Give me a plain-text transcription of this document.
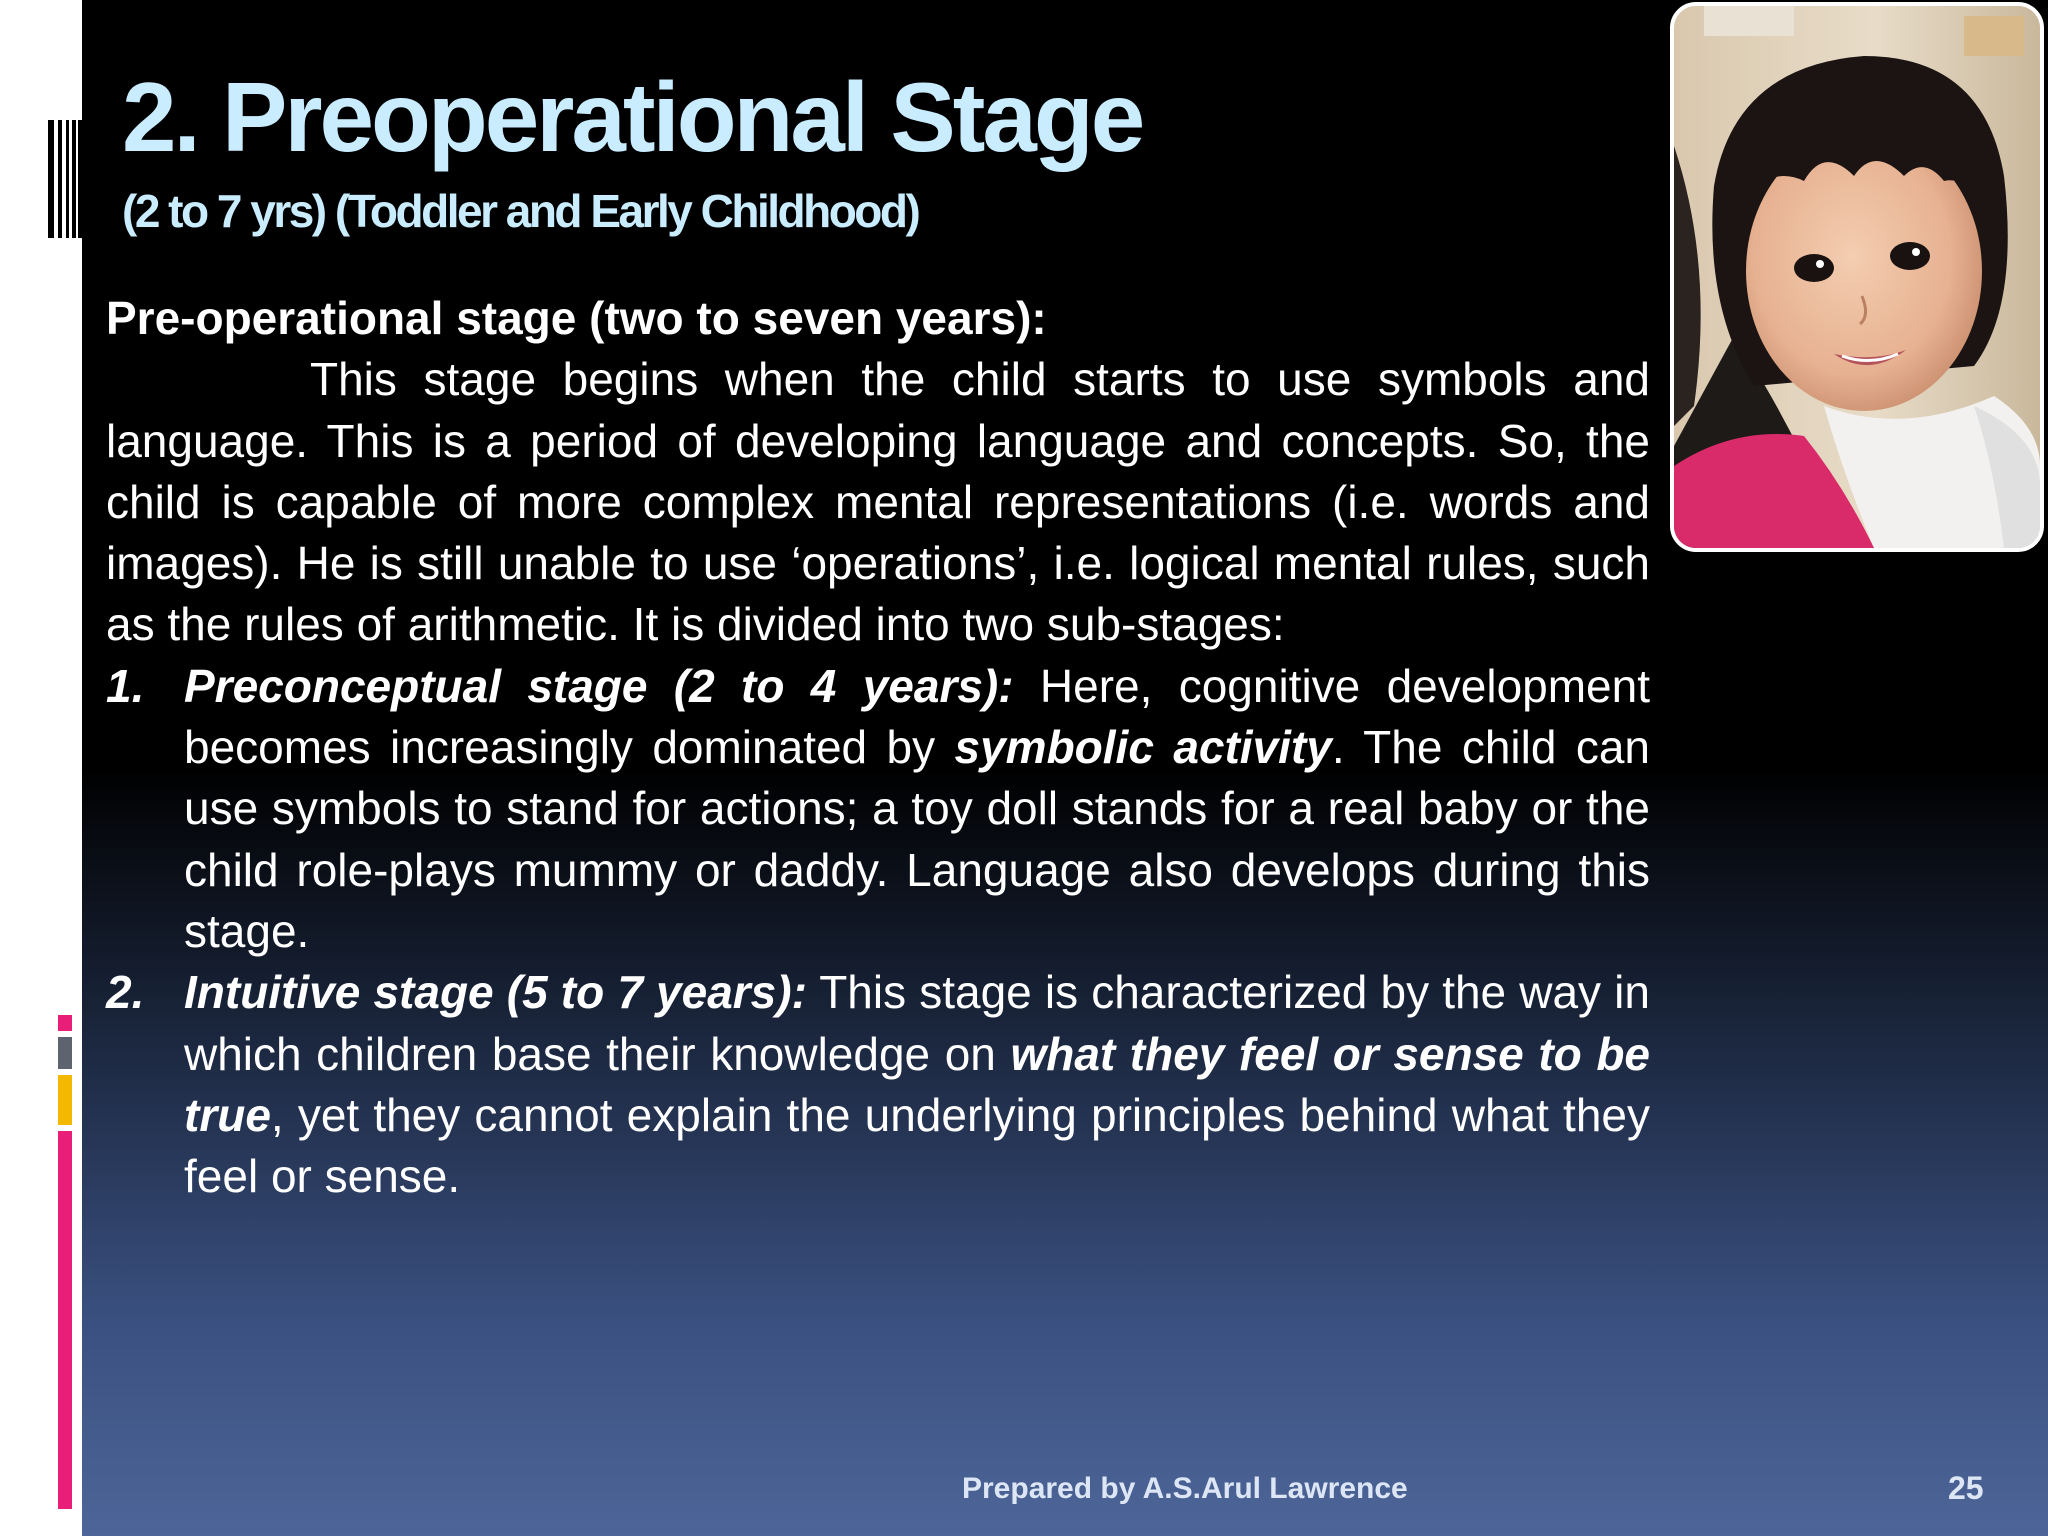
2. Preoperational Stage
(2 to 7 yrs) (Toddler and Early Childhood)

Pre-operational stage (two to seven years):

This stage begins when the child starts to use symbols and language. This is a period of developing language and concepts. So, the child is capable of more complex mental representations (i.e. words and images). He is still unable to use ‘operations’, i.e. logical mental rules, such as the rules of arithmetic. It is divided into two sub-stages:

1. Preconceptual stage (2 to 4 years): Here, cognitive development becomes increasingly dominated by symbolic activity. The child can use symbols to stand for actions; a toy doll stands for a real baby or the child role-plays mummy or daddy. Language also develops during this stage.

2. Intuitive stage (5 to 7 years): This stage is characterized by the way in which children base their knowledge on what they feel or sense to be true, yet they cannot explain the underlying principles behind what they feel or sense.

Prepared by A.S.Arul Lawrence	25
